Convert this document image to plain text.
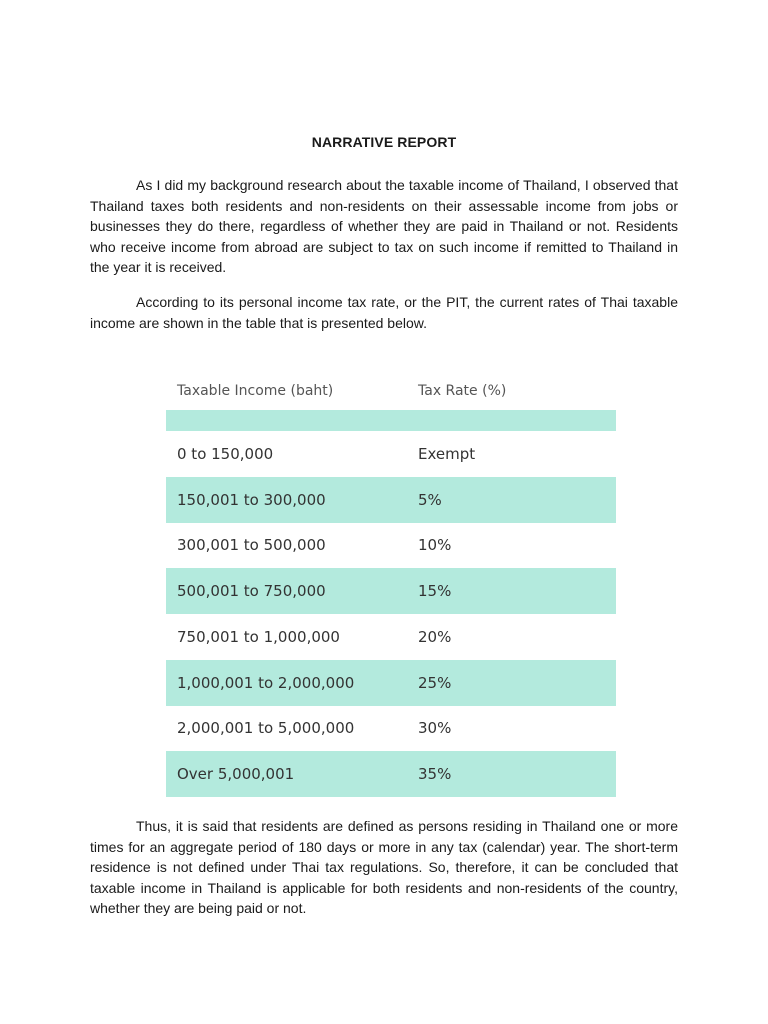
NARRATIVE REPORT

As I did my background research about the taxable income of Thailand, I observed that Thailand taxes both residents and non-residents on their assessable income from jobs or businesses they do there, regardless of whether they are paid in Thailand or not. Residents who receive income from abroad are subject to tax on such income if remitted to Thailand in the year it is received.

According to its personal income tax rate, or the PIT, the current rates of Thai taxable income are shown in the table that is presented below.

Taxable Income (baht)	Tax Rate (%)
0 to 150,000	Exempt
150,001 to 300,000	5%
300,001 to 500,000	10%
500,001 to 750,000	15%
750,001 to 1,000,000	20%
1,000,001 to 2,000,000	25%
2,000,001 to 5,000,000	30%
Over 5,000,001	35%

Thus, it is said that residents are defined as persons residing in Thailand one or more times for an aggregate period of 180 days or more in any tax (calendar) year. The short-term residence is not defined under Thai tax regulations. So, therefore, it can be concluded that taxable income in Thailand is applicable for both residents and non-residents of the country, whether they are being paid or not.
